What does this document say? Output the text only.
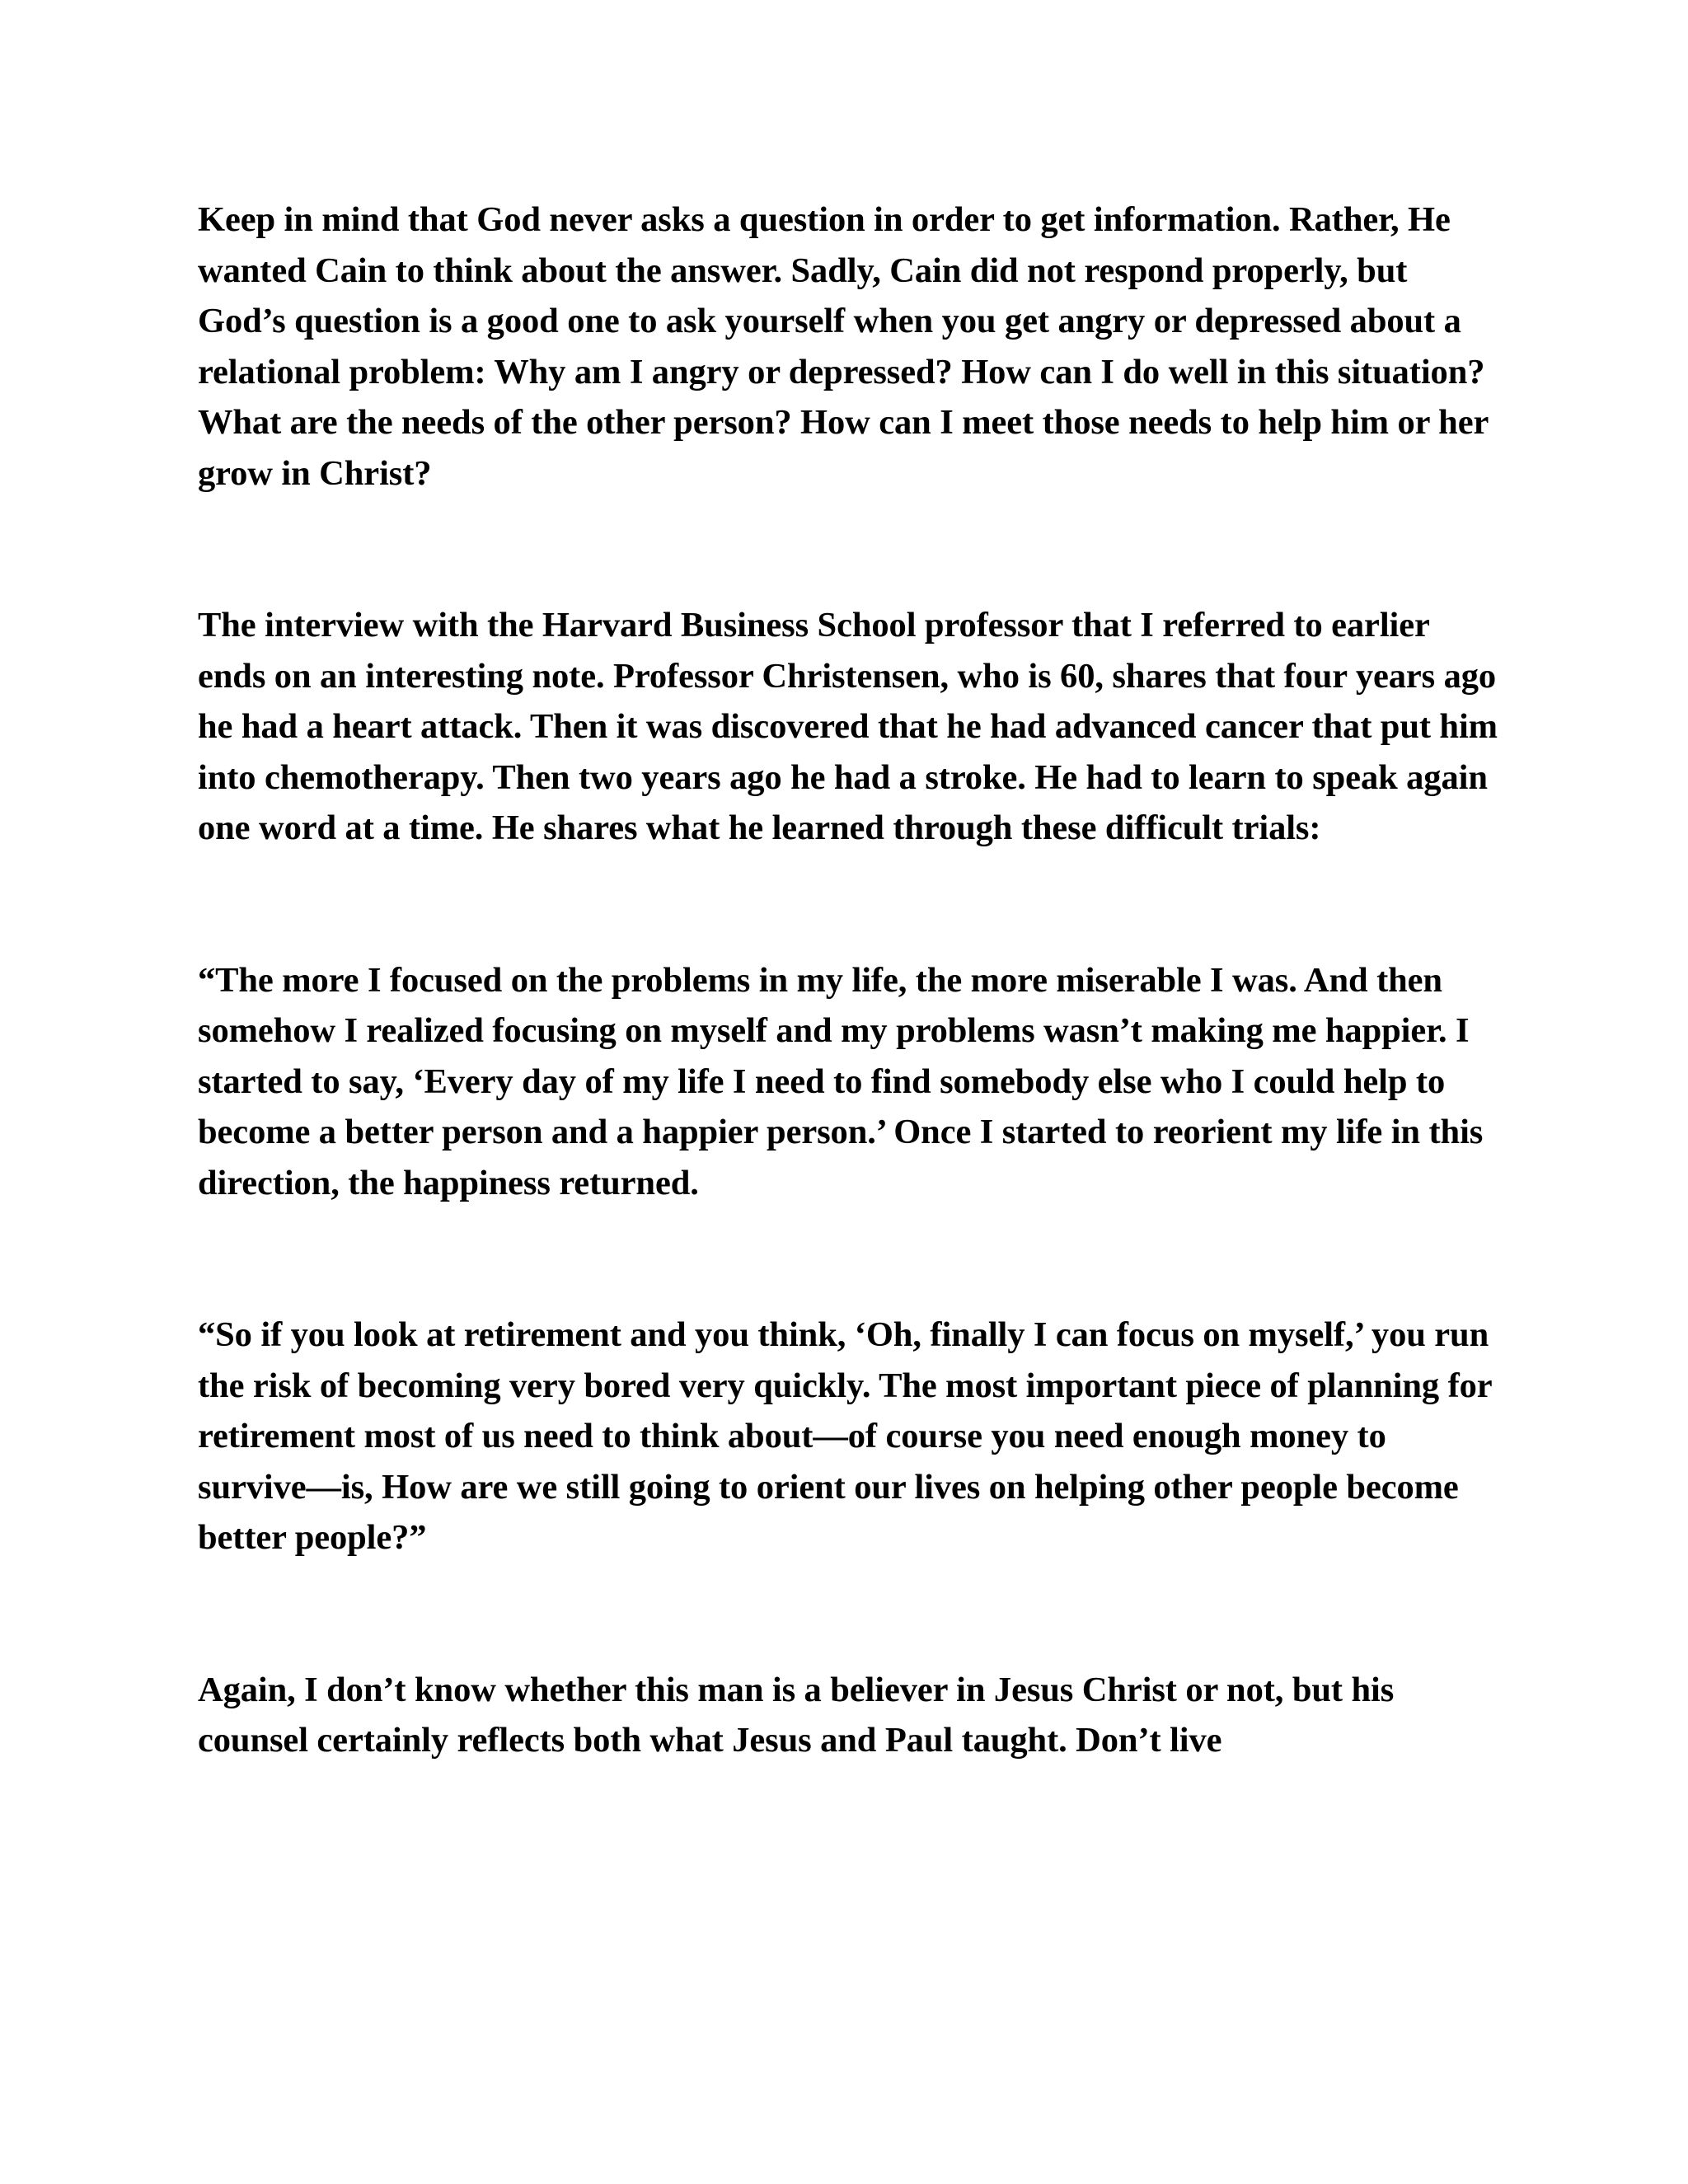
Keep in mind that God never asks a question in order to get information. Rather, He wanted Cain to think about the answer. Sadly, Cain did not respond properly, but God’s question is a good one to ask yourself when you get angry or depressed about a relational problem: Why am I angry or depressed? How can I do well in this situation? What are the needs of the other person? How can I meet those needs to help him or her grow in Christ?

The interview with the Harvard Business School professor that I referred to earlier ends on an interesting note. Professor Christensen, who is 60, shares that four years ago he had a heart attack. Then it was discovered that he had advanced cancer that put him into chemotherapy. Then two years ago he had a stroke. He had to learn to speak again one word at a time. He shares what he learned through these difficult trials:

“The more I focused on the problems in my life, the more miserable I was. And then somehow I realized focusing on myself and my problems wasn’t making me happier. I started to say, ‘Every day of my life I need to find somebody else who I could help to become a better person and a happier person.’ Once I started to reorient my life in this direction, the happiness returned.

“So if you look at retirement and you think, ‘Oh, finally I can focus on myself,’ you run the risk of becoming very bored very quickly. The most important piece of planning for retirement most of us need to think about—of course you need enough money to survive—is, How are we still going to orient our lives on helping other people become better people?”

Again, I don’t know whether this man is a believer in Jesus Christ or not, but his counsel certainly reflects both what Jesus and Paul taught. Don’t live
